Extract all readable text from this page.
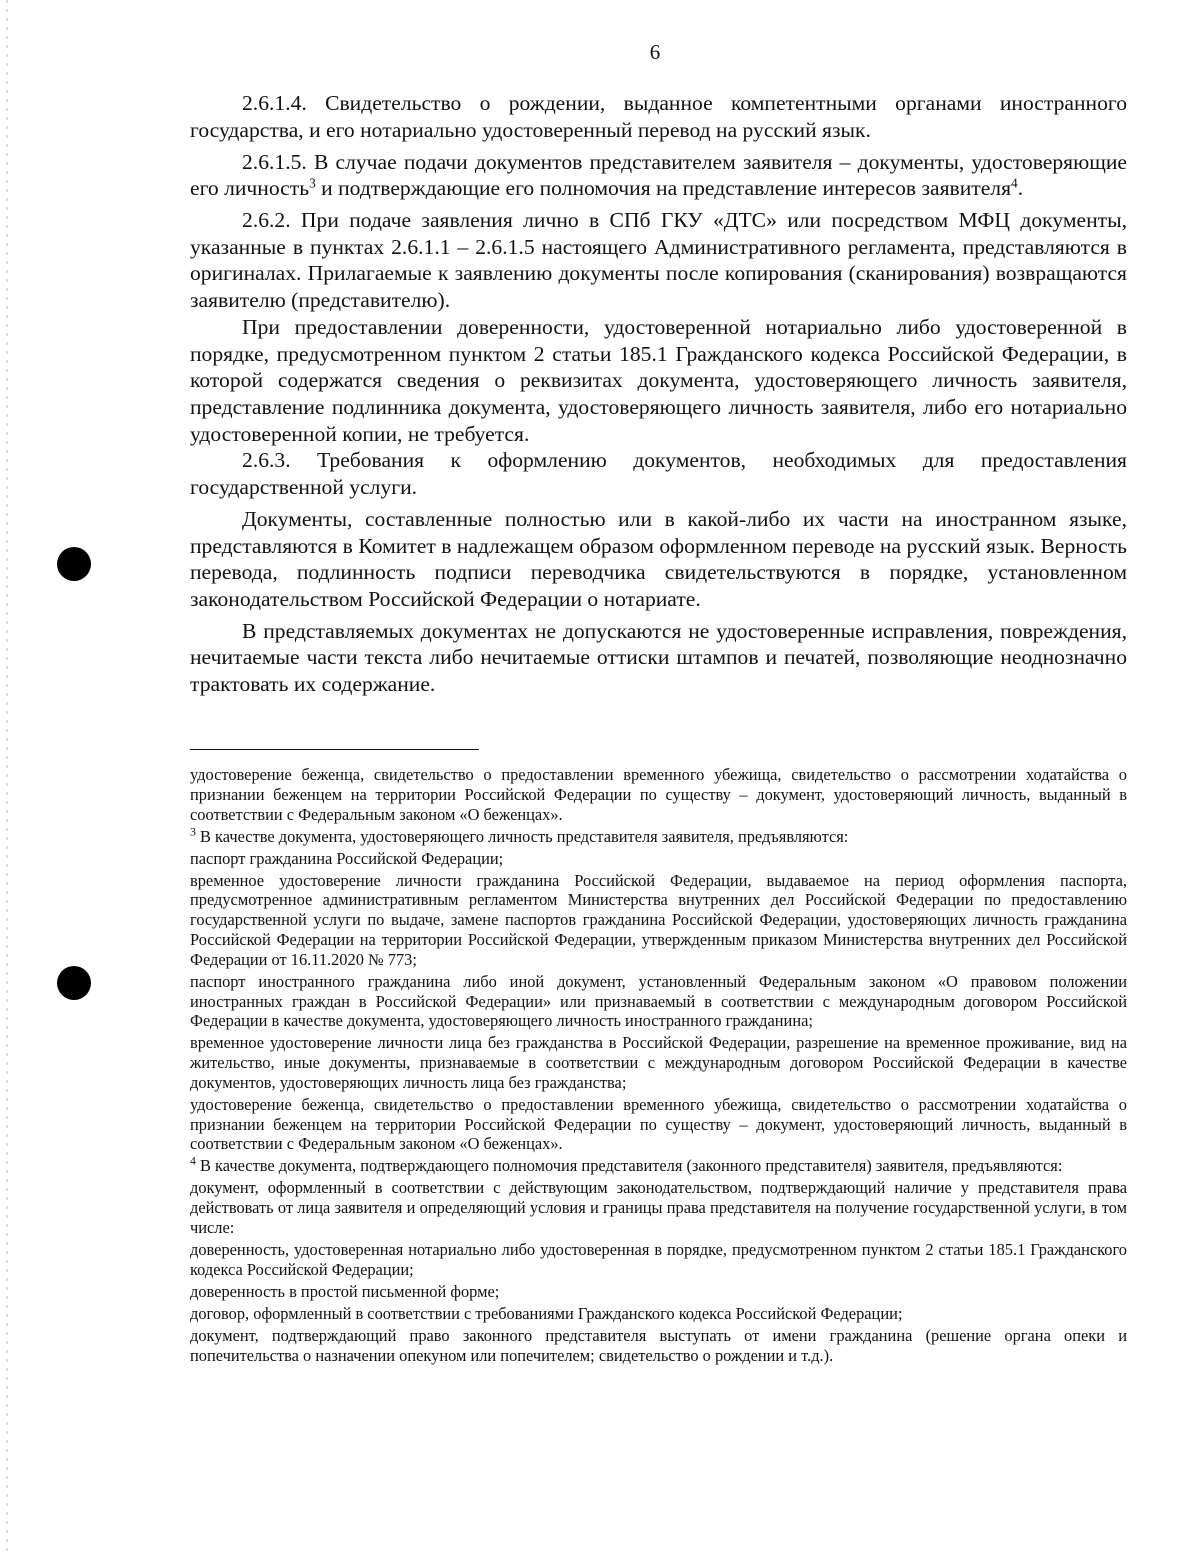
6

2.6.1.4. Свидетельство о рождении, выданное компетентными органами иностранного государства, и его нотариально удостоверенный перевод на русский язык.

2.6.1.5. В случае подачи документов представителем заявителя – документы, удостоверяющие его личность$^3$ и подтверждающие его полномочия на представление интересов заявителя$^4$.

2.6.2. При подаче заявления лично в СПб ГКУ «ДТС» или посредством МФЦ документы, указанные в пунктах 2.6.1.1 – 2.6.1.5 настоящего Административного регламента, представляются в оригиналах. Прилагаемые к заявлению документы после копирования (сканирования) возвращаются заявителю (представителю).

При предоставлении доверенности, удостоверенной нотариально либо удостоверенной в порядке, предусмотренном пунктом 2 статьи 185.1 Гражданского кодекса Российской Федерации, в которой содержатся сведения о реквизитах документа, удостоверяющего личность заявителя, представление подлинника документа, удостоверяющего личность заявителя, либо его нотариально удостоверенной копии, не требуется.

2.6.3. Требования к оформлению документов, необходимых для предоставления государственной услуги.

Документы, составленные полностью или в какой-либо их части на иностранном языке, представляются в Комитет в надлежащем образом оформленном переводе на русский язык. Верность перевода, подлинность подписи переводчика свидетельствуются в порядке, установленном законодательством Российской Федерации о нотариате.

В представляемых документах не допускаются не удостоверенные исправления, повреждения, нечитаемые части текста либо нечитаемые оттиски штампов и печатей, позволяющие неоднозначно трактовать их содержание.

удостоверение беженца, свидетельство о предоставлении временного убежища, свидетельство о рассмотрении ходатайства о признании беженцем на территории Российской Федерации по существу – документ, удостоверяющий личность, выданный в соответствии с Федеральным законом «О беженцах».

$^3$ В качестве документа, удостоверяющего личность представителя заявителя, предъявляются:

паспорт гражданина Российской Федерации;

временное удостоверение личности гражданина Российской Федерации, выдаваемое на период оформления паспорта, предусмотренное административным регламентом Министерства внутренних дел Российской Федерации по предоставлению государственной услуги по выдаче, замене паспортов гражданина Российской Федерации, удостоверяющих личность гражданина Российской Федерации на территории Российской Федерации, утвержденным приказом Министерства внутренних дел Российской Федерации от 16.11.2020 № 773;

паспорт иностранного гражданина либо иной документ, установленный Федеральным законом «О правовом положении иностранных граждан в Российской Федерации» или признаваемый в соответствии с международным договором Российской Федерации в качестве документа, удостоверяющего личность иностранного гражданина;

временное удостоверение личности лица без гражданства в Российской Федерации, разрешение на временное проживание, вид на жительство, иные документы, признаваемые в соответствии с международным договором Российской Федерации в качестве документов, удостоверяющих личность лица без гражданства;

удостоверение беженца, свидетельство о предоставлении временного убежища, свидетельство о рассмотрении ходатайства о признании беженцем на территории Российской Федерации по существу – документ, удостоверяющий личность, выданный в соответствии с Федеральным законом «О беженцах».

$^4$ В качестве документа, подтверждающего полномочия представителя (законного представителя) заявителя, предъявляются:

документ, оформленный в соответствии с действующим законодательством, подтверждающий наличие у представителя права действовать от лица заявителя и определяющий условия и границы права представителя на получение государственной услуги, в том числе:

доверенность, удостоверенная нотариально либо удостоверенная в порядке, предусмотренном пунктом 2 статьи 185.1 Гражданского кодекса Российской Федерации;

доверенность в простой письменной форме;

договор, оформленный в соответствии с требованиями Гражданского кодекса Российской Федерации;

документ, подтверждающий право законного представителя выступать от имени гражданина (решение органа опеки и попечительства о назначении опекуном или попечителем; свидетельство о рождении и т.д.).
